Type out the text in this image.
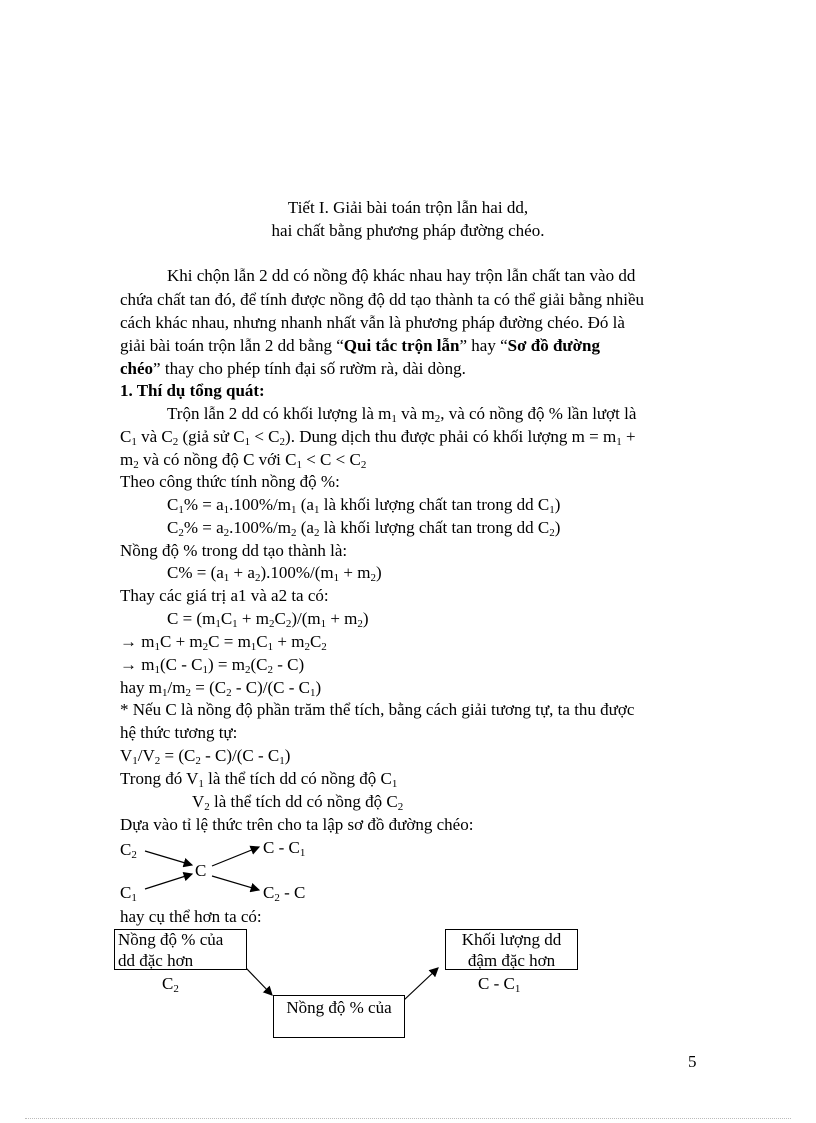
Tiết I. Giải bài toán trộn lẫn hai dd,
hai chất bằng phương pháp đường chéo.
Khi chộn lẫn 2 dd có nồng độ khác nhau hay trộn lẫn chất tan vào dd
chứa chất tan đó, để tính được nồng độ dd tạo thành ta có thể giải bằng nhiều
cách khác nhau, nhưng nhanh nhất vẫn là phương pháp đường chéo. Đó là
giải bài toán trộn lẫn 2 dd bằng “Qui tắc trộn lẫn” hay “Sơ đồ đường
chéo” thay cho phép tính đại số rườm rà, dài dòng.
1. Thí dụ tổng quát:
Trộn lẫn 2 dd có khối lượng là $m_1$ và $m_2$, và có nồng độ % lần lượt là
$C_1$ và $C_2$ (giả sử $C_1 < C_2$). Dung dịch thu được phải có khối lượng $m = m_1$ +
$m_2$ và có nồng độ C với $C_1 < C < C_2$
Theo công thức tính nồng độ %:
$C_1\% = a_1.100\%/m_1$ ($a_1$ là khối lượng chất tan trong dd $C_1$)
$C_2\% = a_2.100\%/m_2$ ($a_2$ là khối lượng chất tan trong dd $C_2$)
Nồng độ % trong dd tạo thành là:
$C\% = (a_1 + a_2).100\%/(m_1 + m_2)$
Thay các giá trị a1 và a2 ta có:
$C = (m_1C_1 + m_2C_2)/(m_1 + m_2)$
→ $m_1C + m_2C = m_1C_1 + m_2C_2$
→ $m_1(C - C_1) = m_2(C_2 - C)$
hay $m_1/m_2 = (C_2 - C)/(C - C_1)$
* Nếu C là nồng độ phần trăm thể tích, bằng cách giải tương tự, ta thu được
hệ thức tương tự:
$V_1/V_2 = (C_2 - C)/(C - C_1)$
Trong đó $V_1$ là thể tích dd có nồng độ $C_1$
$V_2$ là thể tích dd có nồng độ $C_2$
Dựa vào tỉ lệ thức trên cho ta lập sơ đồ đường chéo:
$C_2$
C
$C_1$
C - $C_1$
$C_2$ - C
hay cụ thể hơn ta có:
Nồng độ % của
dd đặc hơn
$C_2$
Khối lượng dd
đậm đặc hơn
C - $C_1$
Nồng độ % của
5
